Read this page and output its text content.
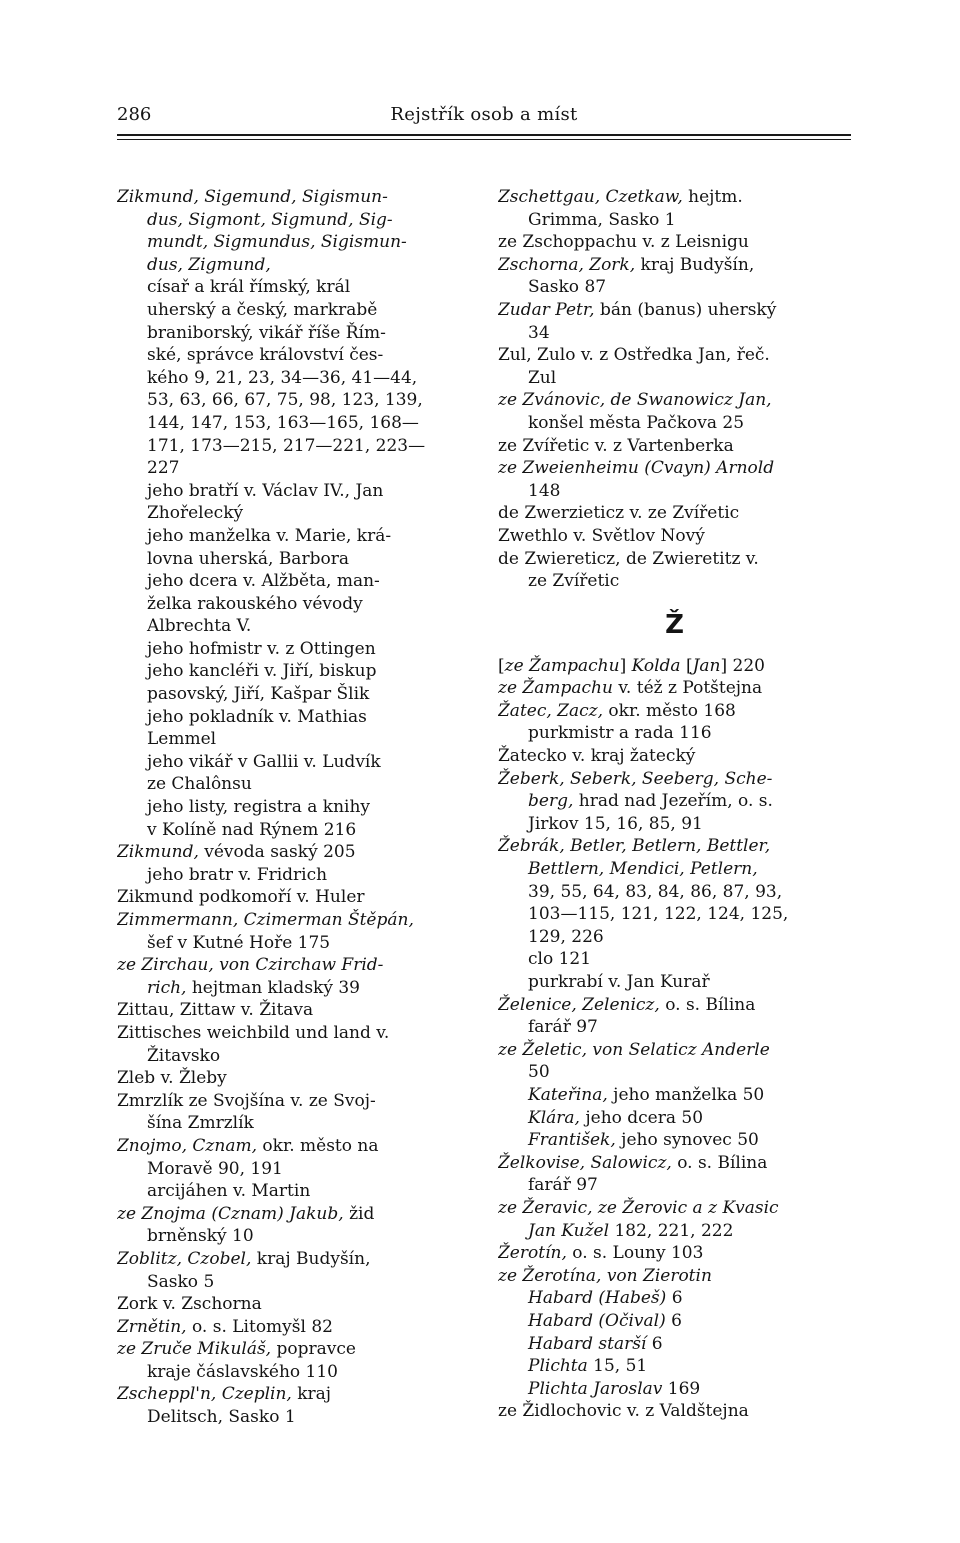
286	Rejstřík osob a míst
Zikmund, Sigemund, Sigismun-
dus, Sigmont, Sigmund, Sig-
mundt, Sigmundus, Sigismun-
dus, Zigmund,
císař a král římský, král
uherský a český, markrabě
braniborský, vikář říše Řím-
ské, správce království čes-
kého 9, 21, 23, 34—36, 41—44,
53, 63, 66, 67, 75, 98, 123, 139,
144, 147, 153, 163—165, 168—
171, 173—215, 217—221, 223—
227
jeho bratří v. Václav IV., Jan
Zhořelecký
jeho manželka v. Marie, krá-
lovna uherská, Barbora
jeho dcera v. Alžběta, man-
želka rakouského vévody
Albrechta V.
jeho hofmistr v. z Ottingen
jeho kancléři v. Jiří, biskup
pasovský, Jiří, Kašpar Šlik
jeho pokladník v. Mathias
Lemmel
jeho vikář v Gallii v. Ludvík
ze Chalônsu
jeho listy, registra a knihy
v Kolíně nad Rýnem 216
Zikmund, vévoda saský 205
jeho bratr v. Fridrich
Zikmund podkomoří v. Huler
Zimmermann, Czimerman Štěpán,
šef v Kutné Hoře 175
ze Zirchau, von Czirchaw Frid-
rich, hejtman kladský 39
Zittau, Zittaw v. Žitava
Zittisches weichbild und land v.
Žitavsko
Zleb v. Žleby
Zmrzlík ze Svojšína v. ze Svoj-
šína Zmrzlík
Znojmo, Cznam, okr. město na
Moravě 90, 191
arcijáhen v. Martin
ze Znojma (Cznam) Jakub, žid
brněnský 10
Zoblitz, Czobel, kraj Budyšín,
Sasko 5
Zork v. Zschorna
Zrnětin, o. s. Litomyšl 82
ze Zruče Mikuláš, popravce
kraje čáslavského 110
Zscheppl'n, Czeplin, kraj
Delitsch, Sasko 1
Zschettgau, Czetkaw, hejtm.
Grimma, Sasko 1
ze Zschoppachu v. z Leisnigu
Zschorna, Zork, kraj Budyšín,
Sasko 87
Zudar Petr, bán (banus) uherský
34
Zul, Zulo v. z Ostředka Jan, řeč.
Zul
ze Zvánovic, de Swanowicz Jan,
konšel města Pačkova 25
ze Zvířetic v. z Vartenberka
ze Zweienheimu (Cvayn) Arnold
148
de Zwerzieticz v. ze Zvířetic
Zwethlo v. Světlov Nový
de Zwiereticz, de Zwieretitz v.
ze Zvířetic
Ž
[ze Žampachu] Kolda [Jan] 220
ze Žampachu v. též z Potštejna
Žatec, Zacz, okr. město 168
purkmistr a rada 116
Žatecko v. kraj žatecký
Žeberk, Seberk, Seeberg, Sche-
berg, hrad nad Jezeřím, o. s.
Jirkov 15, 16, 85, 91
Žebrák, Betler, Betlern, Bettler,
Bettlern, Mendici, Petlern,
39, 55, 64, 83, 84, 86, 87, 93,
103—115, 121, 122, 124, 125,
129, 226
clo 121
purkrabí v. Jan Kurař
Želenice, Zelenicz, o. s. Bílina
farář 97
ze Želetic, von Selaticz Anderle
50
Kateřina, jeho manželka 50
Klára, jeho dcera 50
František, jeho synovec 50
Želkovise, Salowicz, o. s. Bílina
farář 97
ze Žeravic, ze Žerovic a z Kvasic
Jan Kužel 182, 221, 222
Žerotín, o. s. Louny 103
ze Žerotína, von Zierotin
Habard (Habeš) 6
Habard (Očival) 6
Habard starší 6
Plichta 15, 51
Plichta Jaroslav 169
ze Židlochovic v. z Valdštejna
